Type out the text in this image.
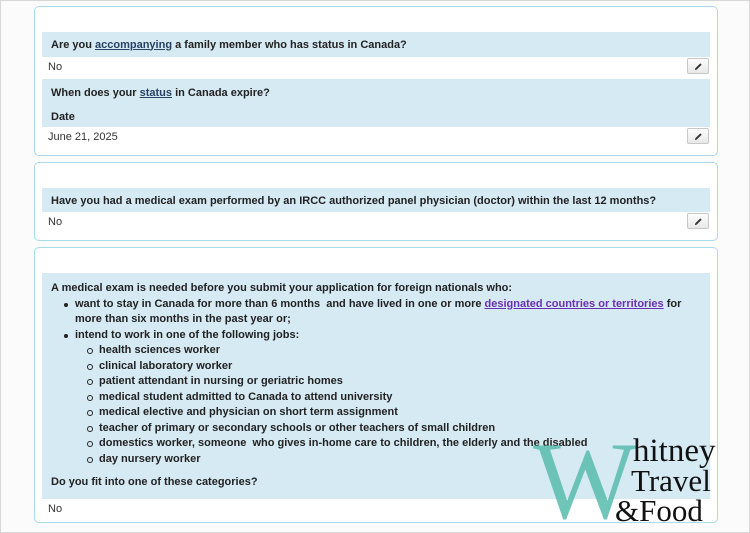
Are you accompanying a family member who has status in Canada?
No
When does your status in Canada expire?
Date
June 21, 2025
Have you had a medical exam performed by an IRCC authorized panel physician (doctor) within the last 12 months?
No
A medical exam is needed before you submit your application for foreign nationals who:
want to stay in Canada for more than 6 months  and have lived in one or more designated countries or territories for more than six months in the past year or;
intend to work in one of the following jobs:
health sciences worker
clinical laboratory worker
patient attendant in nursing or geriatric homes
medical student admitted to Canada to attend university
medical elective and physician on short term assignment
teacher of primary or secondary schools or other teachers of small children
domestics worker, someone  who gives in-home care to children, the elderly and the disabled
day nursery worker
Do you fit into one of these categories?
No	W
hitney
Travel
&Food
